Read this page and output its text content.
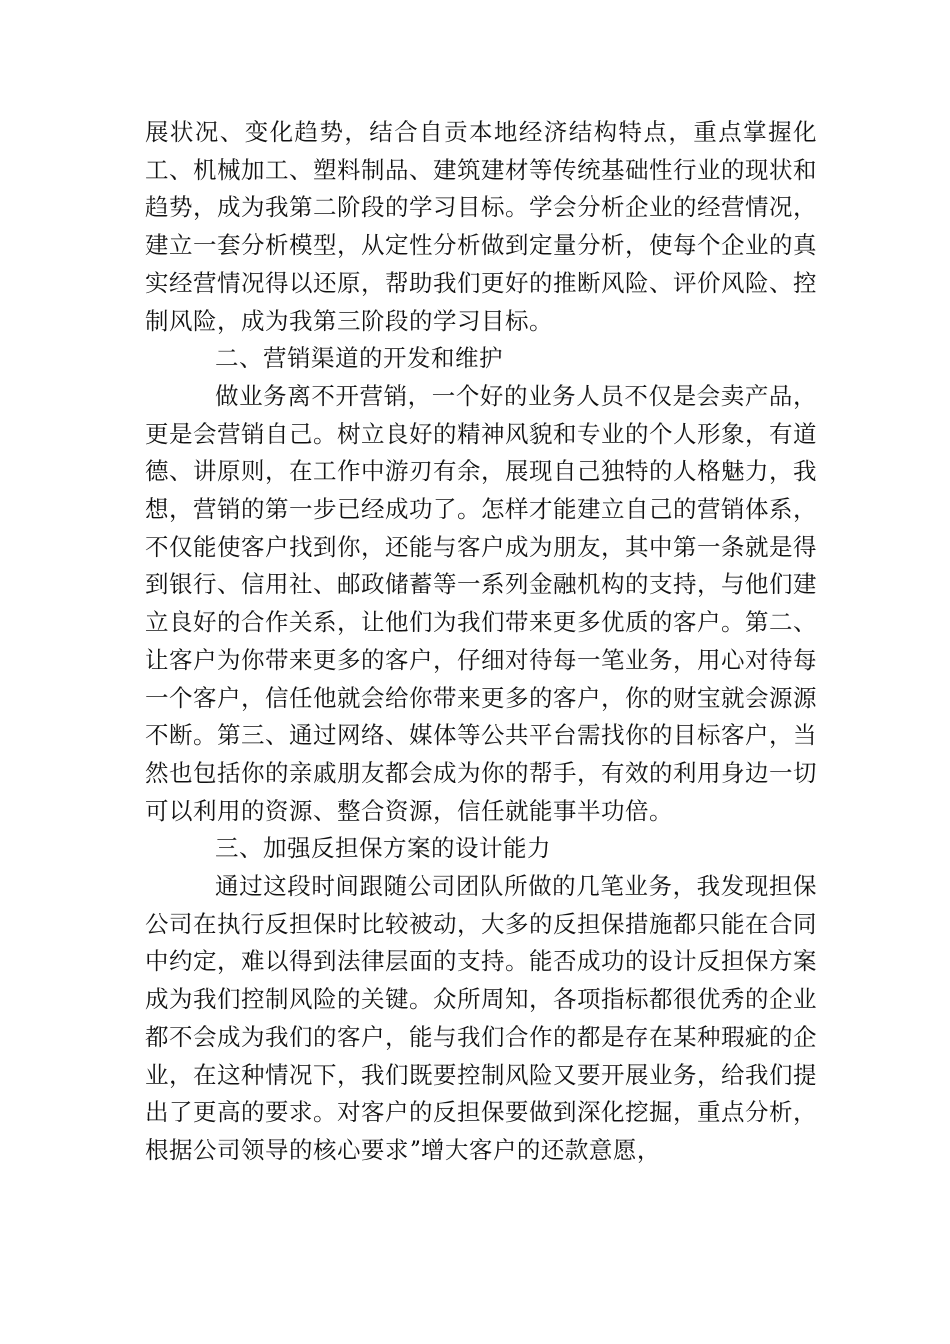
展状况、变化趋势，结合自贡本地经济结构特点，重点掌握化工、机械加工、塑料制品、建筑建材等传统基础性行业的现状和趋势，成为我第二阶段的学习目标。学会分析企业的经营情况，建立一套分析模型，从定性分析做到定量分析，使每个企业的真实经营情况得以还原，帮助我们更好的推断风险、评价风险、控制风险，成为我第三阶段的学习目标。

二、营销渠道的开发和维护

做业务离不开营销，一个好的业务人员不仅是会卖产品，更是会营销自己。树立良好的精神风貌和专业的个人形象，有道德、讲原则，在工作中游刃有余，展现自己独特的人格魅力，我想，营销的第一步已经成功了。怎样才能建立自己的营销体系，不仅能使客户找到你，还能与客户成为朋友，其中第一条就是得到银行、信用社、邮政储蓄等一系列金融机构的支持，与他们建立良好的合作关系，让他们为我们带来更多优质的客户。第二、让客户为你带来更多的客户，仔细对待每一笔业务，用心对待每一个客户，信任他就会给你带来更多的客户，你的财宝就会源源不断。第三、通过网络、媒体等公共平台需找你的目标客户，当然也包括你的亲戚朋友都会成为你的帮手，有效的利用身边一切可以利用的资源、整合资源，信任就能事半功倍。

三、加强反担保方案的设计能力

通过这段时间跟随公司团队所做的几笔业务，我发现担保公司在执行反担保时比较被动，大多的反担保措施都只能在合同中约定，难以得到法律层面的支持。能否成功的设计反担保方案成为我们控制风险的关键。众所周知，各项指标都很优秀的企业都不会成为我们的客户，能与我们合作的都是存在某种瑕疵的企业，在这种情况下，我们既要控制风险又要开展业务，给我们提出了更高的要求。对客户的反担保要做到深化挖掘，重点分析，根据公司领导的核心要求ˮ增大客户的还款意愿，
